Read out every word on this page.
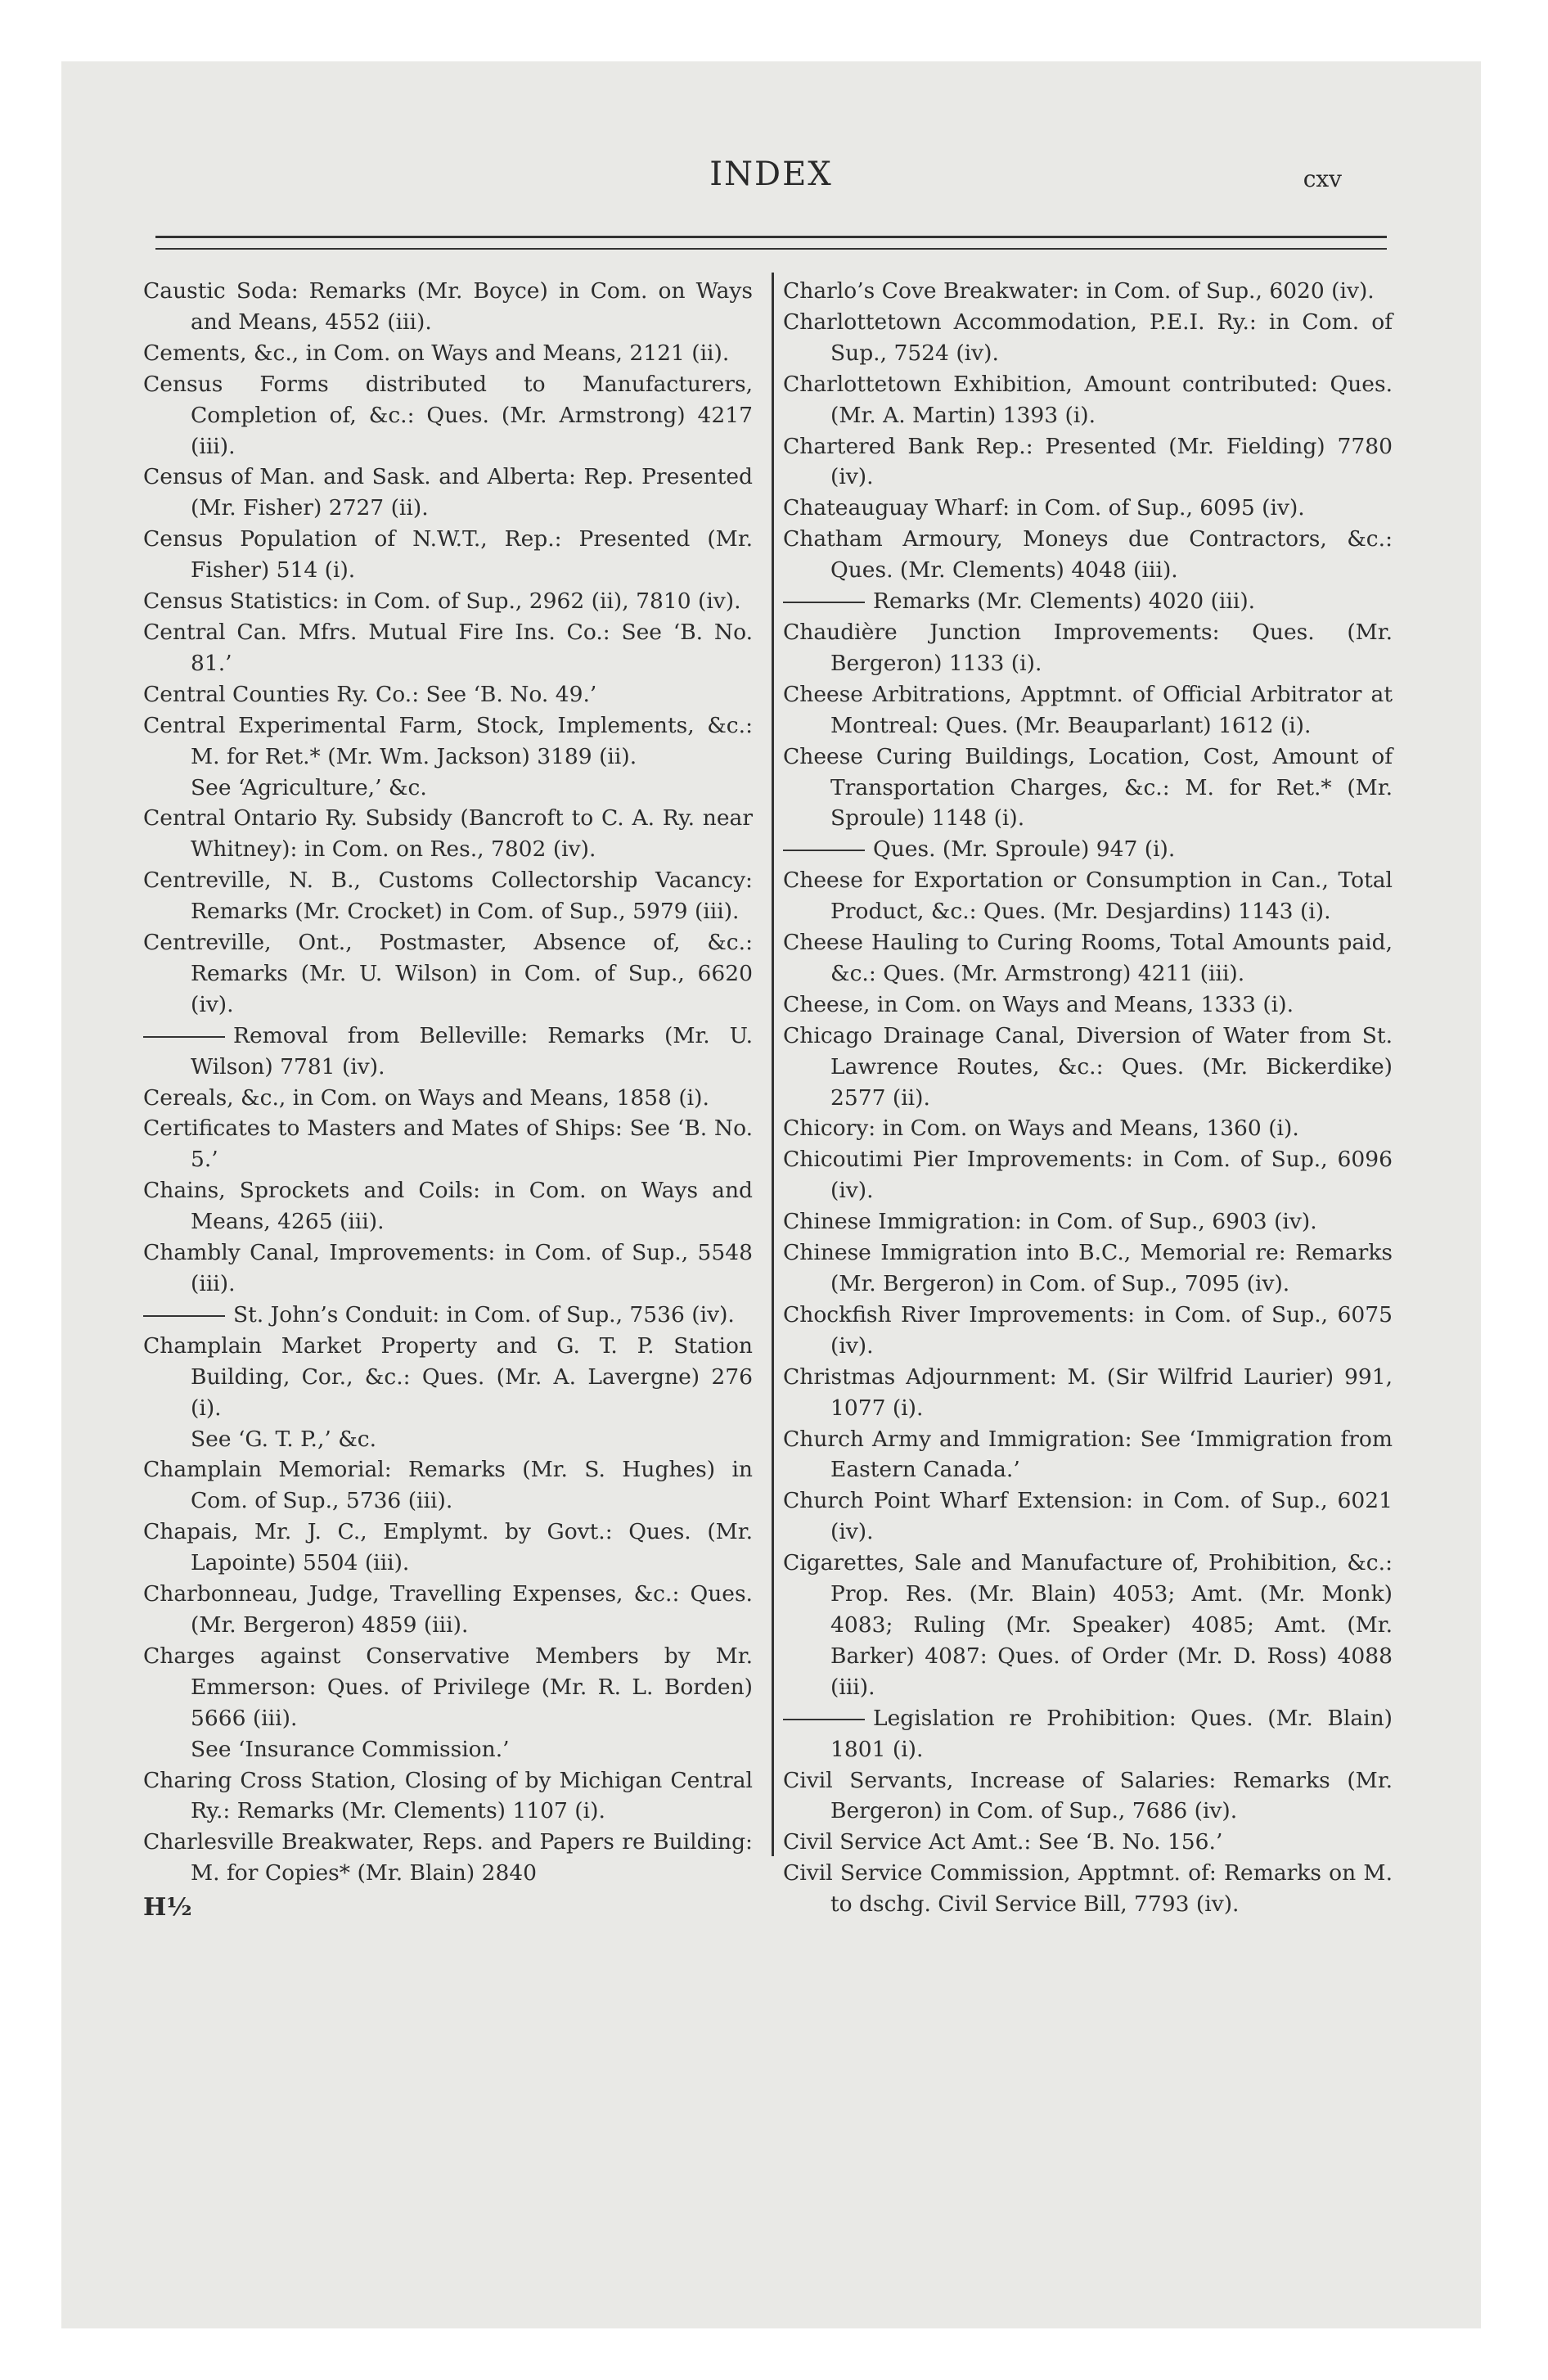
INDEX	cxv
Caustic Soda: Remarks (Mr. Boyce) in Com. on Ways and Means, 4552 (iii).
Cements, &c., in Com. on Ways and Means, 2121 (ii).
Census Forms distributed to Manufacturers, Completion of, &c.: Ques. (Mr. Armstrong) 4217 (iii).
Census of Man. and Sask. and Alberta: Rep. Presented (Mr. Fisher) 2727 (ii).
Census Population of N.W.T., Rep.: Presented (Mr. Fisher) 514 (i).
Census Statistics: in Com. of Sup., 2962 (ii), 7810 (iv).
Central Can. Mfrs. Mutual Fire Ins. Co.: See ‘B. No. 81.’
Central Counties Ry. Co.: See ‘B. No. 49.’
Central Experimental Farm, Stock, Implements, &c.: M. for Ret.* (Mr. Wm. Jackson) 3189 (ii).
See ‘Agriculture,’ &c.
Central Ontario Ry. Subsidy (Bancroft to C. A. Ry. near Whitney): in Com. on Res., 7802 (iv).
Centreville, N. B., Customs Collectorship Vacancy: Remarks (Mr. Crocket) in Com. of Sup., 5979 (iii).
Centreville, Ont., Postmaster, Absence of, &c.: Remarks (Mr. U. Wilson) in Com. of Sup., 6620 (iv).
Removal from Belleville: Remarks (Mr. U. Wilson) 7781 (iv).
Cereals, &c., in Com. on Ways and Means, 1858 (i).
Certificates to Masters and Mates of Ships: See ‘B. No. 5.’
Chains, Sprockets and Coils: in Com. on Ways and Means, 4265 (iii).
Chambly Canal, Improvements: in Com. of Sup., 5548 (iii).
St. John’s Conduit: in Com. of Sup., 7536 (iv).
Champlain Market Property and G. T. P. Station Building, Cor., &c.: Ques. (Mr. A. Lavergne) 276 (i).
See ‘G. T. P.,’ &c.
Champlain Memorial: Remarks (Mr. S. Hughes) in Com. of Sup., 5736 (iii).
Chapais, Mr. J. C., Emplymt. by Govt.: Ques. (Mr. Lapointe) 5504 (iii).
Charbonneau, Judge, Travelling Expenses, &c.: Ques. (Mr. Bergeron) 4859 (iii).
Charges against Conservative Members by Mr. Emmerson: Ques. of Privilege (Mr. R. L. Borden) 5666 (iii).
See ‘Insurance Commission.’
Charing Cross Station, Closing of by Michigan Central Ry.: Remarks (Mr. Clements) 1107 (i).
Charlesville Breakwater, Reps. and Papers re Building: M. for Copies* (Mr. Blain) 2840
H½
Charlo’s Cove Breakwater: in Com. of Sup., 6020 (iv).
Charlottetown Accommodation, P.E.I. Ry.: in Com. of Sup., 7524 (iv).
Charlottetown Exhibition, Amount contributed: Ques. (Mr. A. Martin) 1393 (i).
Chartered Bank Rep.: Presented (Mr. Fielding) 7780 (iv).
Chateauguay Wharf: in Com. of Sup., 6095 (iv).
Chatham Armoury, Moneys due Contractors, &c.: Ques. (Mr. Clements) 4048 (iii).
Remarks (Mr. Clements) 4020 (iii).
Chaudière Junction Improvements: Ques. (Mr. Bergeron) 1133 (i).
Cheese Arbitrations, Apptmnt. of Official Arbitrator at Montreal: Ques. (Mr. Beauparlant) 1612 (i).
Cheese Curing Buildings, Location, Cost, Amount of Transportation Charges, &c.: M. for Ret.* (Mr. Sproule) 1148 (i).
Ques. (Mr. Sproule) 947 (i).
Cheese for Exportation or Consumption in Can., Total Product, &c.: Ques. (Mr. Desjardins) 1143 (i).
Cheese Hauling to Curing Rooms, Total Amounts paid, &c.: Ques. (Mr. Armstrong) 4211 (iii).
Cheese, in Com. on Ways and Means, 1333 (i).
Chicago Drainage Canal, Diversion of Water from St. Lawrence Routes, &c.: Ques. (Mr. Bickerdike) 2577 (ii).
Chicory: in Com. on Ways and Means, 1360 (i).
Chicoutimi Pier Improvements: in Com. of Sup., 6096 (iv).
Chinese Immigration: in Com. of Sup., 6903 (iv).
Chinese Immigration into B.C., Memorial re: Remarks (Mr. Bergeron) in Com. of Sup., 7095 (iv).
Chockfish River Improvements: in Com. of Sup., 6075 (iv).
Christmas Adjournment: M. (Sir Wilfrid Laurier) 991, 1077 (i).
Church Army and Immigration: See ‘Immigration from Eastern Canada.’
Church Point Wharf Extension: in Com. of Sup., 6021 (iv).
Cigarettes, Sale and Manufacture of, Prohibition, &c.: Prop. Res. (Mr. Blain) 4053; Amt. (Mr. Monk) 4083; Ruling (Mr. Speaker) 4085; Amt. (Mr. Barker) 4087: Ques. of Order (Mr. D. Ross) 4088 (iii).
Legislation re Prohibition: Ques. (Mr. Blain) 1801 (i).
Civil Servants, Increase of Salaries: Remarks (Mr. Bergeron) in Com. of Sup., 7686 (iv).
Civil Service Act Amt.: See ‘B. No. 156.’
Civil Service Commission, Apptmnt. of: Remarks on M. to dschg. Civil Service Bill, 7793 (iv).
